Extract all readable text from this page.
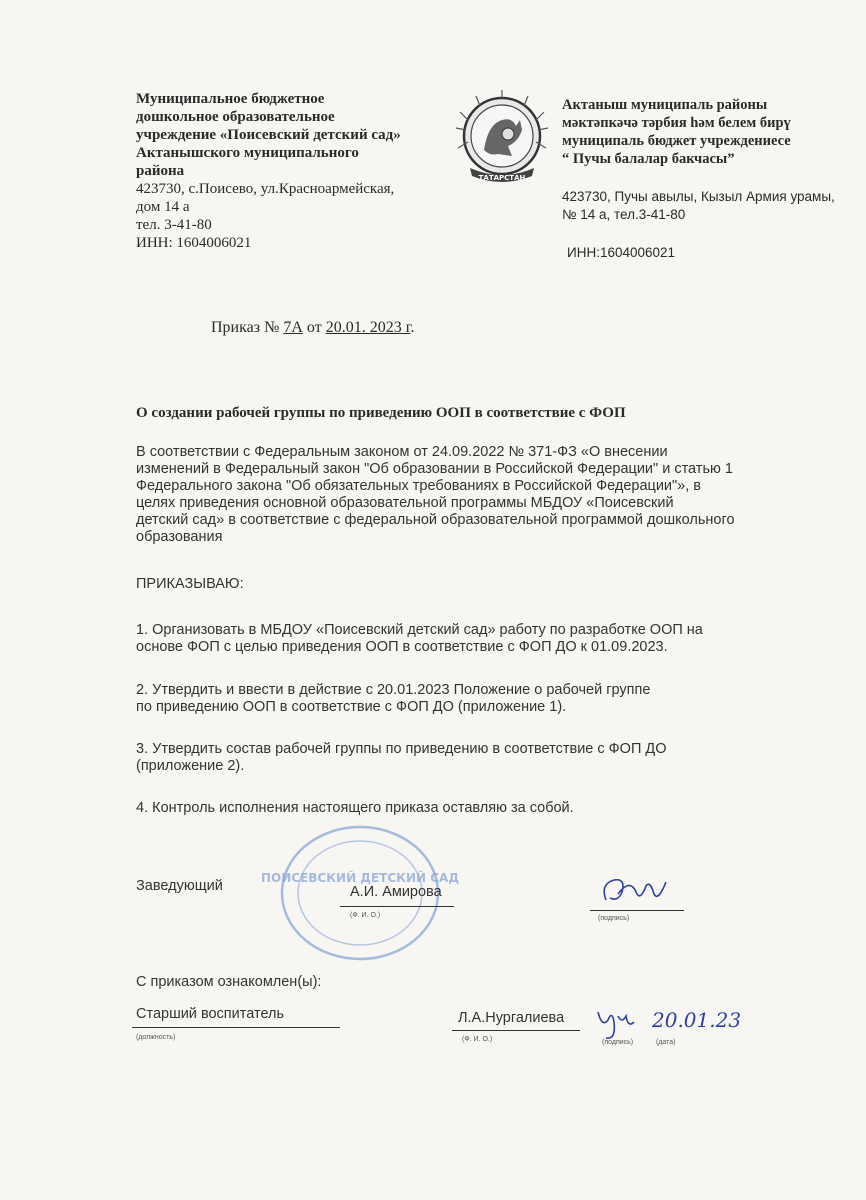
Муниципальное бюджетное
дошкольное образовательное
учреждение «Поисевский детский сад»
Актанышского муниципального
района
423730, с.Поисево, ул.Красноармейская,
дом 14 а
тел. 3-41-80
ИНН: 1604006021
ТАТАРСТАН
Актаныш муниципаль районы
мәктәпкәчә тәрбия һәм белем бирү
муниципаль бюджет учреждениесе
“ Пучы балалар бакчасы”
423730, Пучы авылы, Кызыл Армия урамы,
№ 14 а, тел.3-41-80
ИНН:1604006021
Приказ № 7А от 20.01. 2023 г.
О создании рабочей группы по приведению ООП в соответствие с ФОП
В соответствии с Федеральным законом от 24.09.2022 № 371-ФЗ «О внесении
изменений в Федеральный закон "Об образовании в Российской Федерации" и статью 1
Федерального закона "Об обязательных требованиях в Российской Федерации"», в
целях приведения основной образовательной программы МБДОУ «Поисевский
детский сад» в соответствие с федеральной образовательной программой дошкольного
образования
ПРИКАЗЫВАЮ:
1. Организовать в МБДОУ «Поисевский детский сад» работу по разработке ООП на
основе ФОП с целью приведения ООП в соответствие с ФОП ДО к 01.09.2023.
2. Утвердить и ввести в действие с 20.01.2023 Положение о рабочей группе
по приведению ООП в соответствие с ФОП ДО (приложение 1).
3. Утвердить состав рабочей группы по приведению в соответствие с ФОП ДО
(приложение 2).
4. Контроль исполнения настоящего приказа оставляю за собой.
ПОИСЕВСКИЙ ДЕТСКИЙ САД
Заведующий	А.И. Амирова
(Ф. И. О.)	(подпись)
С приказом ознакомлен(ы):
Старший воспитатель
(должность)
Л.А.Нургалиева
(Ф. И. О.)	(подпись)
20.01.23
(дата)
